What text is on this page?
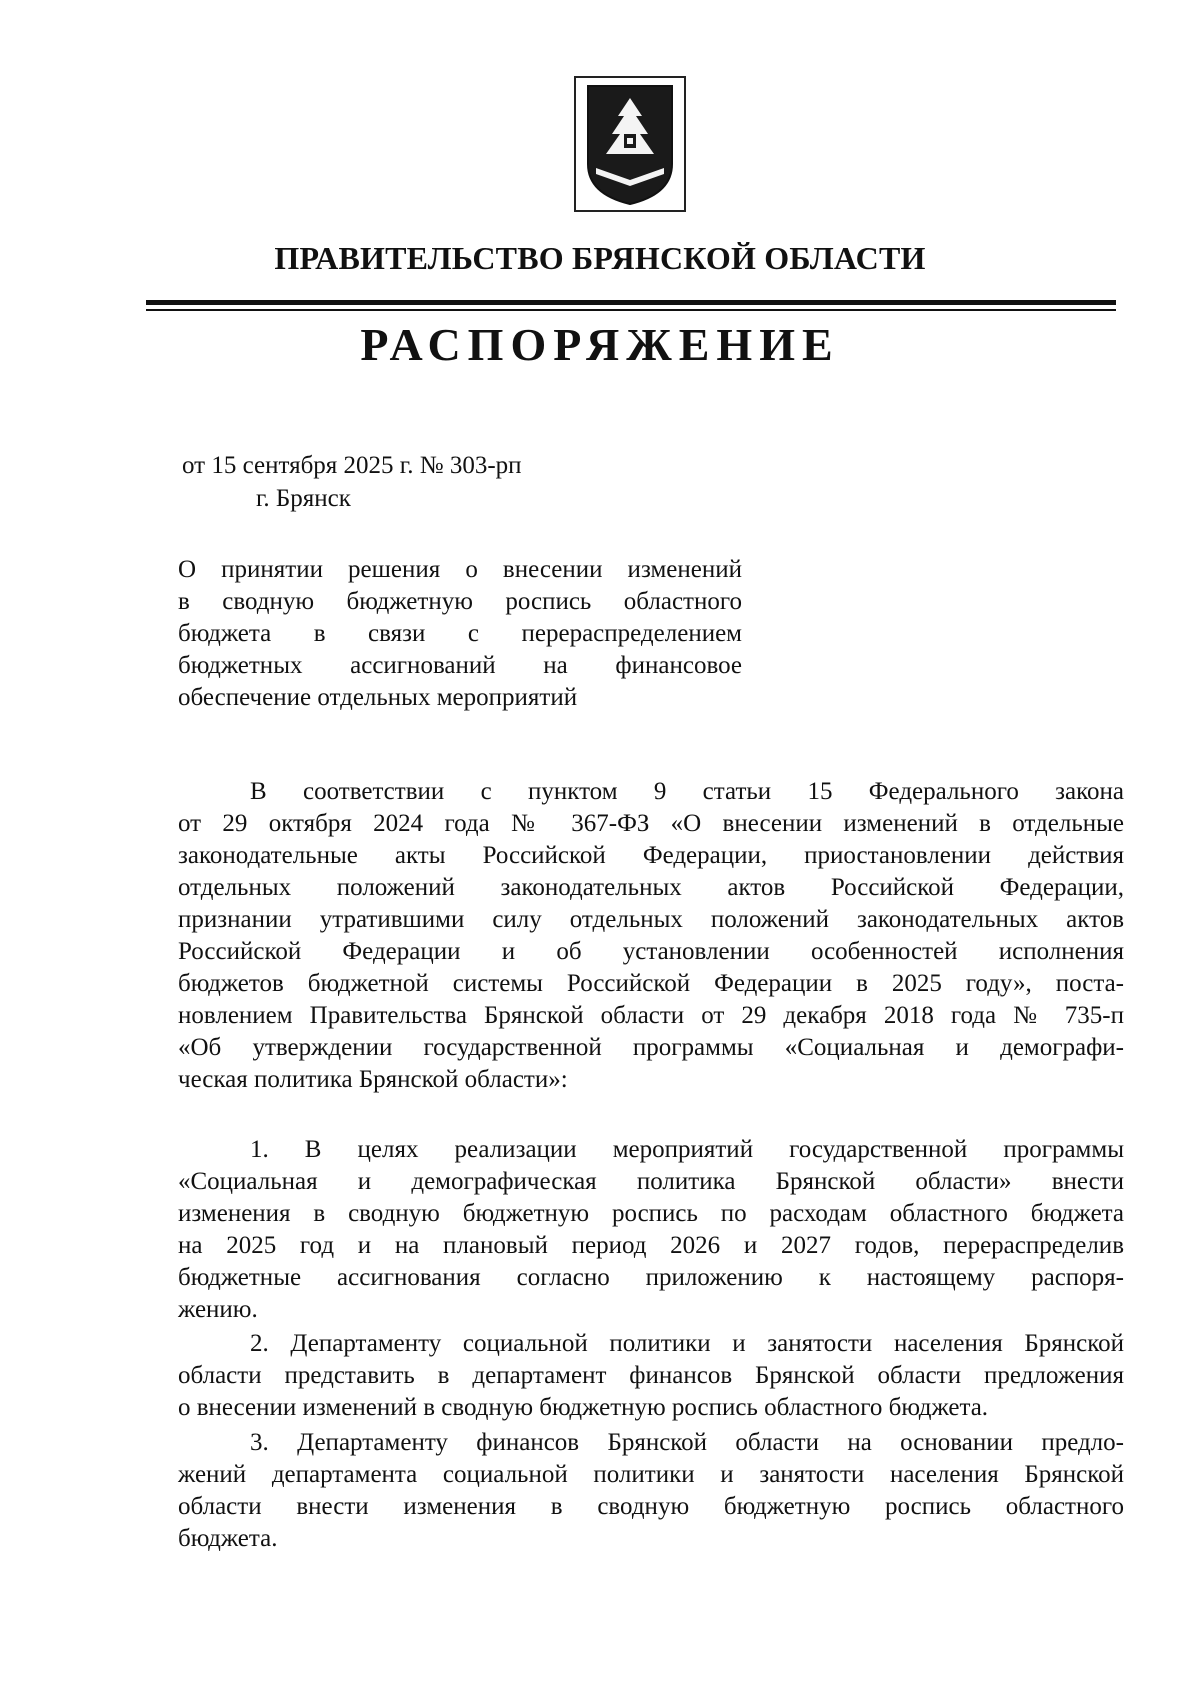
ПРАВИТЕЛЬСТВО БРЯНСКОЙ ОБЛАСТИ
РАСПОРЯЖЕНИЕ
от 15 сентября 2025 г. № 303-рп
г. Брянск
О принятии решения о внесении изменений
в сводную бюджетную роспись областного
бюджета в связи с перераспределением
бюджетных ассигнований на финансовое
обеспечение отдельных мероприятий
В соответствии с пунктом 9 статьи 15 Федерального закона
от 29 октября 2024 года № 367-ФЗ «О внесении изменений в отдельные
законодательные акты Российской Федерации, приостановлении действия
отдельных положений законодательных актов Российской Федерации,
признании утратившими силу отдельных положений законодательных актов
Российской Федерации и об установлении особенностей исполнения
бюджетов бюджетной системы Российской Федерации в 2025 году», поста-
новлением Правительства Брянской области от 29 декабря 2018 года № 735-п
«Об утверждении государственной программы «Социальная и демографи-
ческая политика Брянской области»:
1. В целях реализации мероприятий государственной программы
«Социальная и демографическая политика Брянской области» внести
изменения в сводную бюджетную роспись по расходам областного бюджета
на 2025 год и на плановый период 2026 и 2027 годов, перераспределив
бюджетные ассигнования согласно приложению к настоящему распоря-
жению.
2. Департаменту социальной политики и занятости населения Брянской
области представить в департамент финансов Брянской области предложения
о внесении изменений в сводную бюджетную роспись областного бюджета.
3. Департаменту финансов Брянской области на основании предло-
жений департамента социальной политики и занятости населения Брянской
области внести изменения в сводную бюджетную роспись областного
бюджета.
